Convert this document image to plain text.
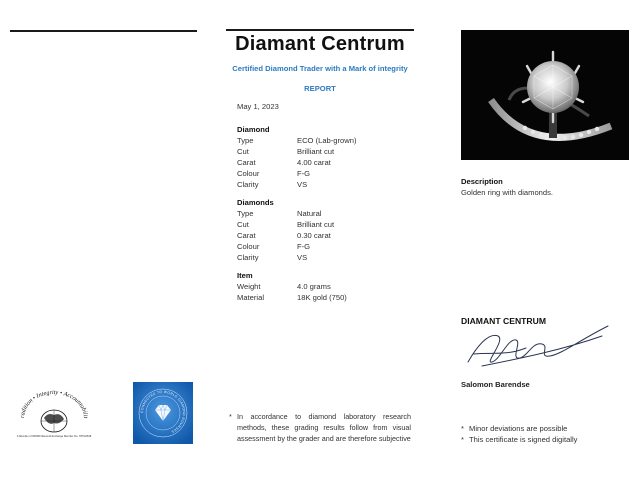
radition • Integrity • Accountabilit
A Member of WFDB Diamond Exchange Member No. 7870/2648
CONNECTED TO WORLD DIAMOND BOURSES
Diamant Centrum
Certified Diamond Trader with a Mark of integrity
REPORT
May 1, 2023
Diamond
Type	ECO (Lab-grown)
Cut	Brilliant cut
Carat	4.00 carat
Colour	F-G
Clarity	VS
Diamonds
Type	Natural
Cut	Brilliant cut
Carat	0.30 carat
Colour	F-G
Clarity	VS
Item
Weight	4.0 grams
Material	18K gold (750)
* In accordance to diamond laboratory research methods, these grading results follow from visual assessment by the grader and are therefore subjective
Description
Golden ring with diamonds.
DIAMANT CENTRUM
Salomon Barendse
* Minor deviations are possible
* This certificate is signed digitally
